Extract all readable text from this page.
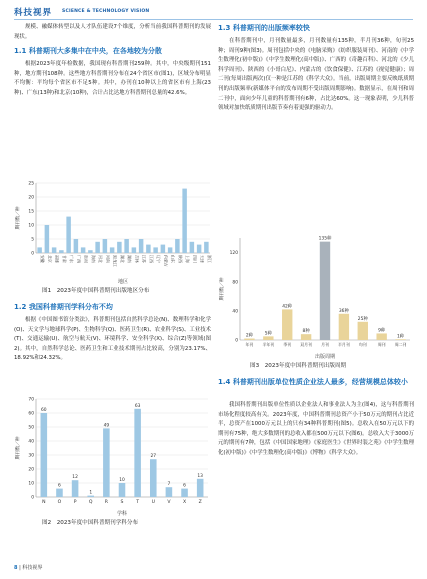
科技视界 SCIENCE & TECHNOLOGY VISION
规模、融媒体转型以及人才队伍建设7个维度，分析当前我国科普期刊的发展现状。
1.1 科普期刊大多集中在中央，在各地较为分散
根据2023年度年检数据，我国现有科普期刊259种。其中，中央级期刊151种，地方期刊108种。这些地方科普期刊分布在24个省区市(图1)，区域分布明显不均衡：平均每个省区市不足5种。其中，办刊在10种以上的省区市有上海(23种)、广东(13种)和北京(10种)，合计占比达地方科普期刊总量的42.6%。
0
5
10
15
20
25
安徽 北京 福建 甘肃 广东 广西 贵州 海南 河北 河南 黑龙江 湖北 湖南 吉林 江苏 江西 辽宁 内蒙古 山东 陕西 上海 四川 天津 浙江
地区
期刊数／种
图1　2023年度中国科普期刊出版地区分布
1.2 我国科普期刊学科分布不均
根据《中国图书馆分类法》，科普期刊包括自然科学总论(N)、数理科学和化学(O)、天文学与地球科学(P)、生物科学(Q)、医药卫生(R)、农业科学(S)、工业技术(T)、交通运输(U)、航空与航天(V)、环境科学、安全科学(X)、综合(Z)等领域(图2)。其中，自然科学总论、医药卫生和工业技术期刊占比较高，分别为23.17%、18.92%和24.32%。
0
10
20
30
40
50
60
70
60
N
6
O
12
P
1
Q
49
R
10
S
63
T
27
U
7
V
6
X
13
Z
学科
期刊数／种
图2　2023年度中国科普期刊学科分布
8 | 科技视界
1.3 科普期刊的出版频率较快
在科普期刊中，月刊数量最多，月刊数量有135种，半月刊36种，旬刊25种；周刊9种(图3)。周刊包括中央的《电脑采购》《纺织服装周刊》、河南的《中学生数理化(初中版)》《中学生数理化(高中版)》、广西的《奇趣百科》、河北的《少儿科学周刊》、陕西的《小哥白尼》、内蒙古的《饮食保健》、江苏的《视觉健康》；周二刊(每周出版两次)仅一种是江苏的《科学大众》。当前，出版周期主要反映纸质期刊的出版频率(新媒体平台的发布周期不受出版周期影响)。数据显示，在周刊和周二刊中，面向少年儿童的科普期刊有6种，占比达60%。这一现象表明，少儿科普领域对加快纸质期刊出版节奏有着更强的驱动力。
0
40
80
120
2种
年刊
5种
半年刊
42种
季刊
8种
双月刊
135种
月刊
36种
半月刊
25种
旬刊
9种
周刊
1种
周二刊
出版周期
期刊数／种
图3　2023年度中国科普期刊出版周期
1.4 科普期刊出版单位性质企业法人最多，经营规模总体较小
我国科普期刊出版单位性质以企业法人和事业法人为主(图4)，这与科普期刊市场化程度较高有关。2023年度，中国科普期刊总资产小于50万元的期刊占比近半，总资产在1000万元以上的只有34种科普期刊(图5)。总收入在50万元以下的期刊有75种，绝大多数期刊的总收入都在500万元以下(图6)。总收入大于3000万元的期刊有7种，包括《中国国家地理》《家庭医生》《世界时装之苑》《中学生数理化(初中版)》《中学生数理化(高中版)》《博物》《科学大众》。
